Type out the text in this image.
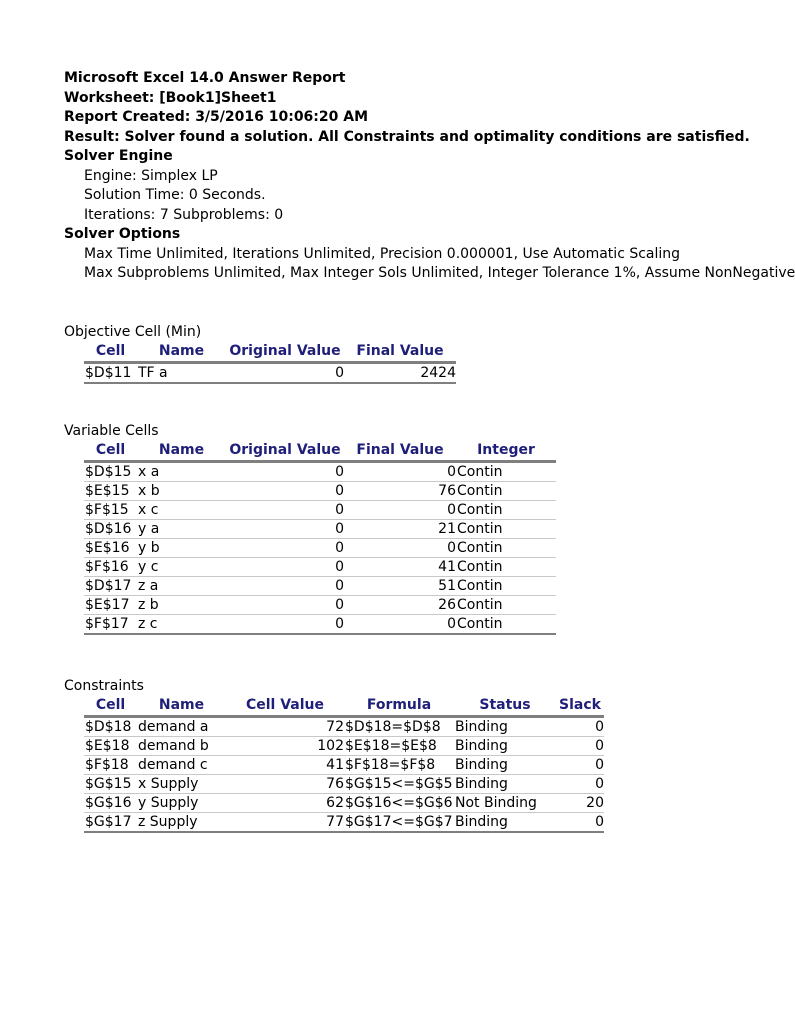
Microsoft Excel 14.0 Answer Report
Worksheet: [Book1]Sheet1
Report Created: 3/5/2016 10:06:20 AM
Result: Solver found a solution. All Constraints and optimality conditions are satisfied.
Solver Engine
Engine: Simplex LP
Solution Time: 0 Seconds.
Iterations: 7 Subproblems: 0
Solver Options
Max Time Unlimited, Iterations Unlimited, Precision 0.000001, Use Automatic Scaling
Max Subproblems Unlimited, Max Integer Sols Unlimited, Integer Tolerance 1%, Assume NonNegative
Objective Cell (Min)
Cell	Name	Original Value	Final Value
$D$11	TF a	0	2424
Variable Cells
Cell	Name	Original Value	Final Value	Integer
$D$15	x a	0	0	Contin
$E$15	x b	0	76	Contin
$F$15	x c	0	0	Contin
$D$16	y a	0	21	Contin
$E$16	y b	0	0	Contin
$F$16	y c	0	41	Contin
$D$17	z a	0	51	Contin
$E$17	z b	0	26	Contin
$F$17	z c	0	0	Contin
Constraints
Cell	Name	Cell Value	Formula	Status	Slack
$D$18	demand a	72	$D$18=$D$8	Binding	0
$E$18	demand b	102	$E$18=$E$8	Binding	0
$F$18	demand c	41	$F$18=$F$8	Binding	0
$G$15	x Supply	76	$G$15<=$G$5	Binding	0
$G$16	y Supply	62	$G$16<=$G$6	Not Binding	20
$G$17	z Supply	77	$G$17<=$G$7	Binding	0
